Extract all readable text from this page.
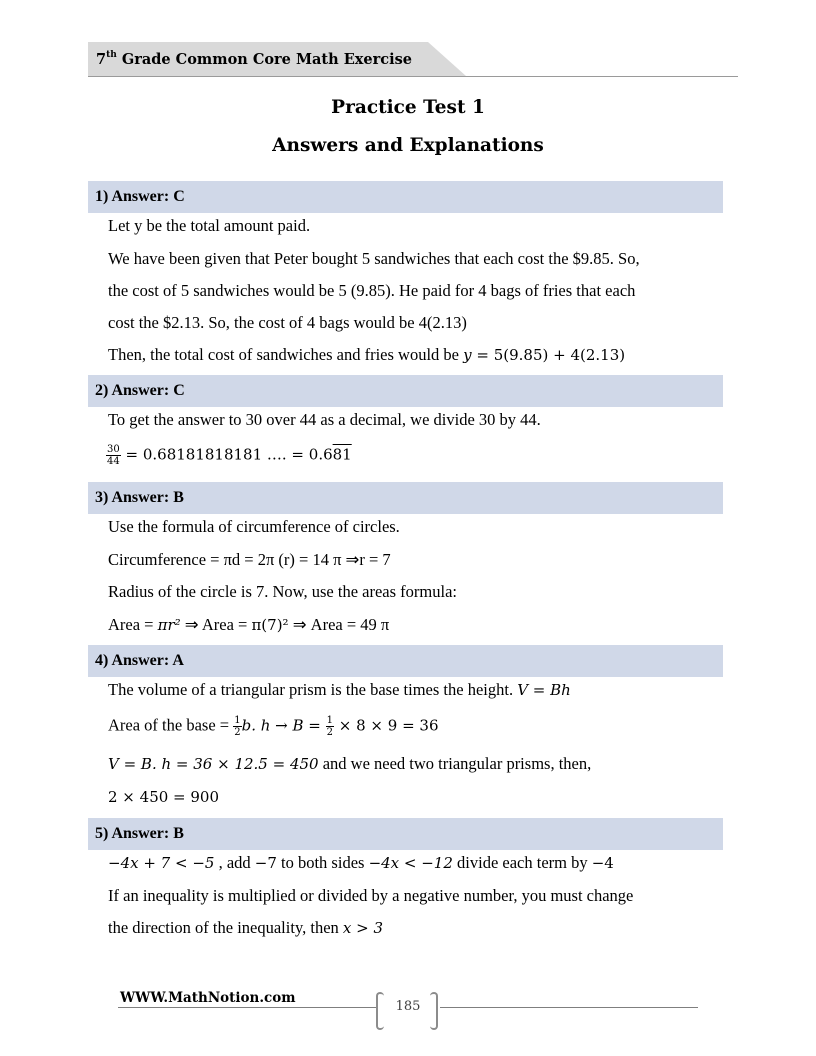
7th Grade Common Core Math Exercise
Practice Test 1
Answers and Explanations
1) Answer: C
Let y be the total amount paid.
We have been given that Peter bought 5 sandwiches that each cost the $9.85. So,
the cost of 5 sandwiches would be 5 (9.85). He paid for 4 bags of fries that each
cost the $2.13. So, the cost of 4 bags would be 4(2.13)
Then, the total cost of sandwiches and fries would be y = 5(9.85) + 4(2.13)
2) Answer: C
To get the answer to 30 over 44 as a decimal, we divide 30 by 44.
$\frac{30}{44} = 0.68181818181$ …. = 0.681
3) Answer: B
Use the formula of circumference of circles.
Circumference = πd = 2π (r) = 14 π ⇒r = 7
Radius of the circle is 7. Now, use the areas formula:
Area = πr² ⇒ Area = π(7)² ⇒ Area = 49 π
4) Answer: A
The volume of a triangular prism is the base times the height. V = Bh
Area of the base = $\frac{1}{2} b$. $h \to B = \frac{1}{2} \times 8 \times 9 = 36$
V = B. h = 36 × 12.5 = 450 and we need two triangular prisms, then,
2 × 450 = 900
5) Answer: B
−4x + 7 < −5 , add −7 to both sides −4x < −12 divide each term by −4
If an inequality is multiplied or divided by a negative number, you must change
the direction of the inequality, then x > 3
WWW.MathNotion.com
185
